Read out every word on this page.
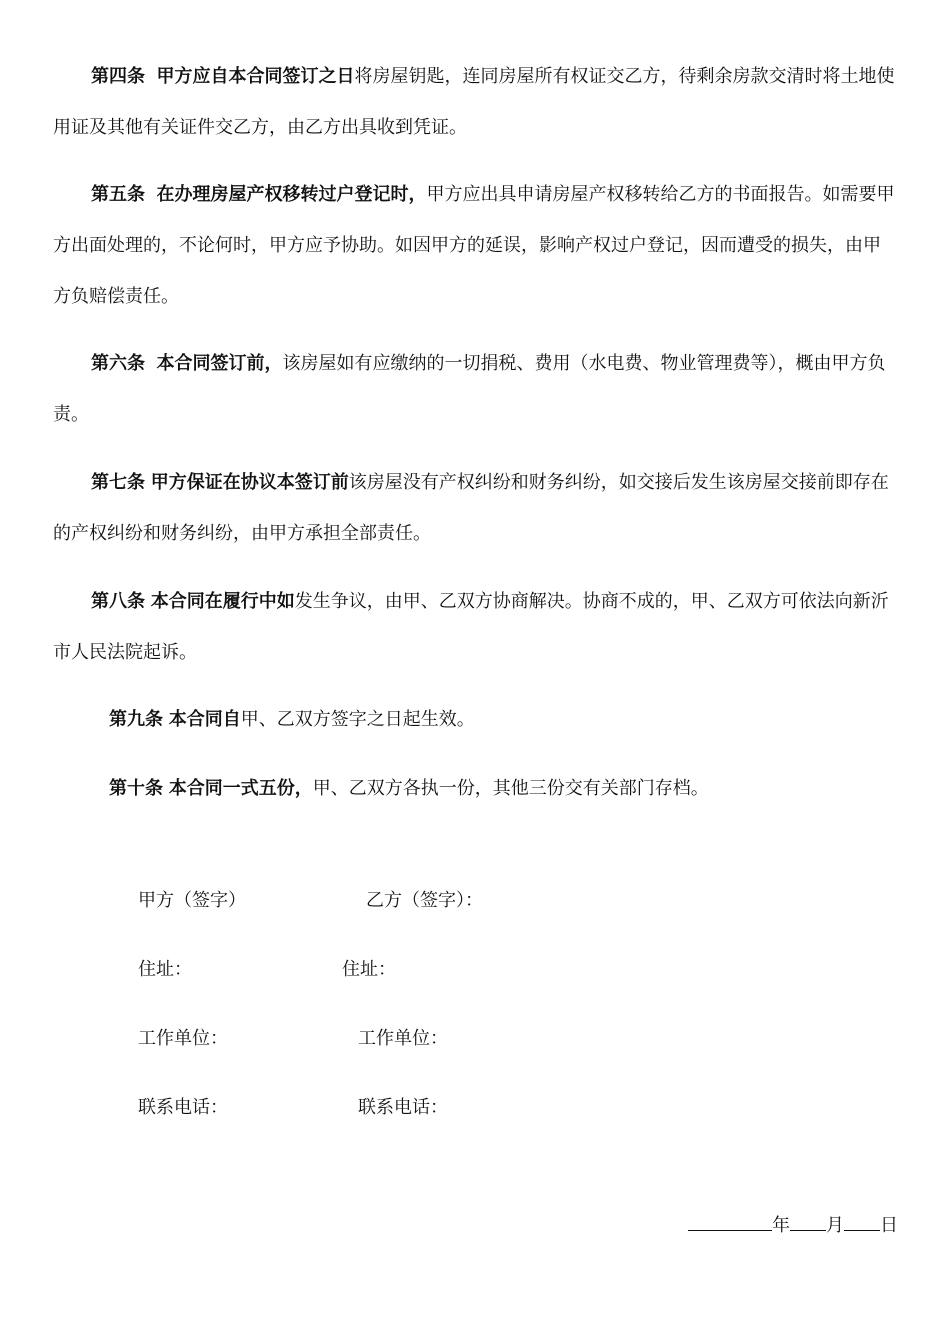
第四条 甲方应自本合同签订之日将房屋钥匙，连同房屋所有权证交乙方，待剩余房款交清时将土地使用证及其他有关证件交乙方，由乙方出具收到凭证。

第五条 在办理房屋产权移转过户登记时，甲方应出具申请房屋产权移转给乙方的书面报告。如需要甲方出面处理的，不论何时，甲方应予协助。如因甲方的延误，影响产权过户登记，因而遭受的损失，由甲方负赔偿责任。

第六条 本合同签订前，该房屋如有应缴纳的一切捐税、费用（水电费、物业管理费等），概由甲方负责。

第七条 甲方保证在协议本签订前该房屋没有产权纠纷和财务纠纷，如交接后发生该房屋交接前即存在的产权纠纷和财务纠纷，由甲方承担全部责任。

第八条 本合同在履行中如发生争议，由甲、乙双方协商解决。协商不成的，甲、乙双方可依法向新沂市人民法院起诉。

第九条 本合同自甲、乙双方签字之日起生效。

第十条 本合同一式五份，甲、乙双方各执一份，其他三份交有关部门存档。

甲方（签字）	乙方（签字）：
住址：	住址：
工作单位：	工作单位：
联系电话：	联系电话：
年 月 日
